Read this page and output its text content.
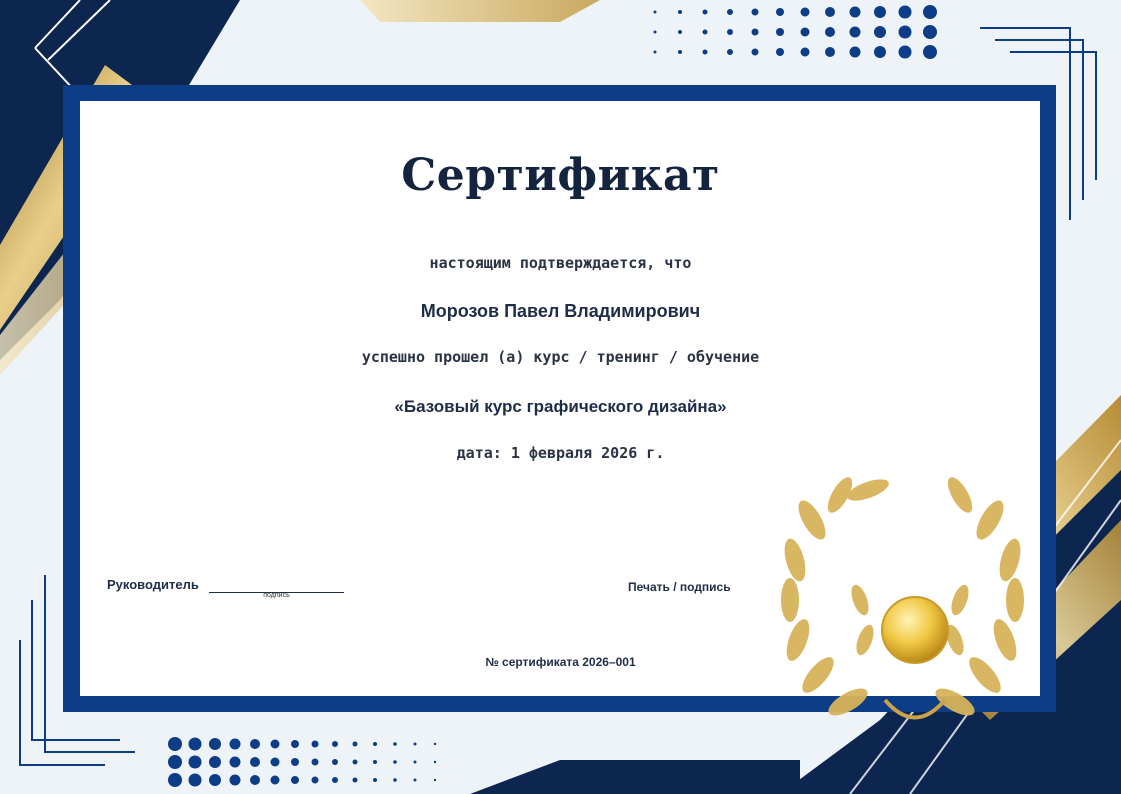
Сертификат
настоящим подтверждается, что
Морозов Павел Владимирович
успешно прошел (а) курс / тренинг / обучение
«Базовый курс графического дизайна»
дата: 1 февраля 2026 г.
Руководитель
подпись
Печать / подпись
№ сертификата 2026–001
